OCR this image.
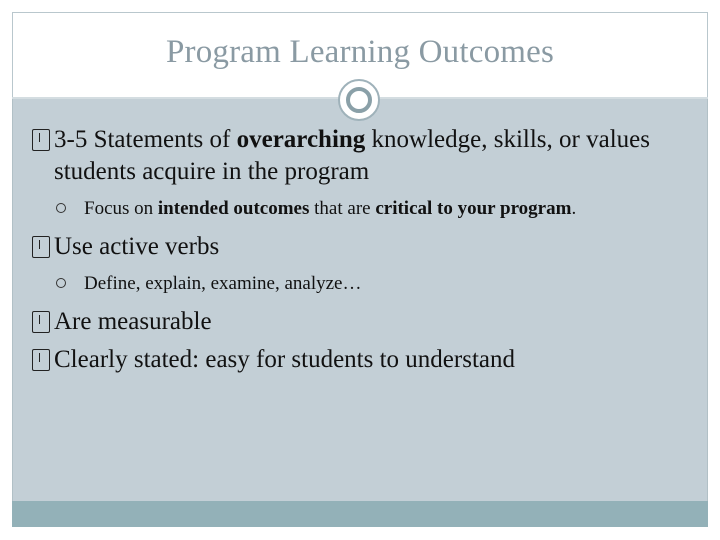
Program Learning Outcomes
3-5 Statements of overarching knowledge, skills, or values students acquire in the program
Focus on intended outcomes that are critical to your program.
Use active verbs
Define, explain, examine, analyze…
Are measurable
Clearly stated: easy for students to understand
